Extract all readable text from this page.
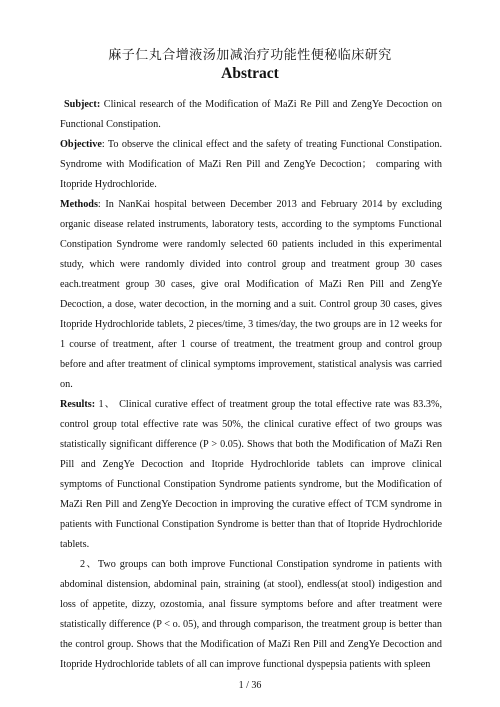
麻子仁丸合增液汤加减治疗功能性便秘临床研究
Abstract

Subject: Clinical research of the Modification of MaZi Re Pill and ZengYe Decoction on Functional Constipation.

Objective: To observe the clinical effect and the safety of treating Functional Constipation. Syndrome with Modification of MaZi Ren Pill and ZengYe Decoction； comparing with Itopride Hydrochloride.

Methods: In NanKai hospital between December 2013 and February 2014 by excluding organic disease related instruments, laboratory tests, according to the symptoms Functional Constipation Syndrome were randomly selected 60 patients included in this experimental study, which were randomly divided into control group and treatment group 30 cases each.treatment group 30 cases, give oral Modification of MaZi Ren Pill and ZengYe Decoction, a dose, water decoction, in the morning and a suit. Control group 30 cases, gives Itopride Hydrochloride tablets, 2 pieces/time, 3 times/day, the two groups are in 12 weeks for 1 course of treatment, after 1 course of treatment, the treatment group and control group before and after treatment of clinical symptoms improvement, statistical analysis was carried on.

Results: 1、 Clinical curative effect of treatment group the total effective rate was 83.3%, control group total effective rate was 50%, the clinical curative effect of two groups was statistically significant difference (P > 0.05). Shows that both the Modification of MaZi Ren Pill and ZengYe Decoction and Itopride Hydrochloride tablets can improve clinical symptoms of Functional Constipation Syndrome patients syndrome, but the Modification of MaZi Ren Pill and ZengYe Decoction in improving the curative effect of TCM syndrome in patients with Functional Constipation Syndrome is better than that of Itopride Hydrochloride tablets.

2、Two groups can both improve Functional Constipation syndrome in patients with abdominal distension, abdominal pain, straining (at stool), endless(at stool) indigestion and loss of appetite, dizzy, ozostomia, anal fissure symptoms before and after treatment were statistically difference (P < o. 05), and through comparison, the treatment group is better than the control group. Shows that the Modification of MaZi Ren Pill and ZengYe Decoction and Itopride Hydrochloride tablets of all can improve functional dyspepsia patients with spleen

1 / 36
